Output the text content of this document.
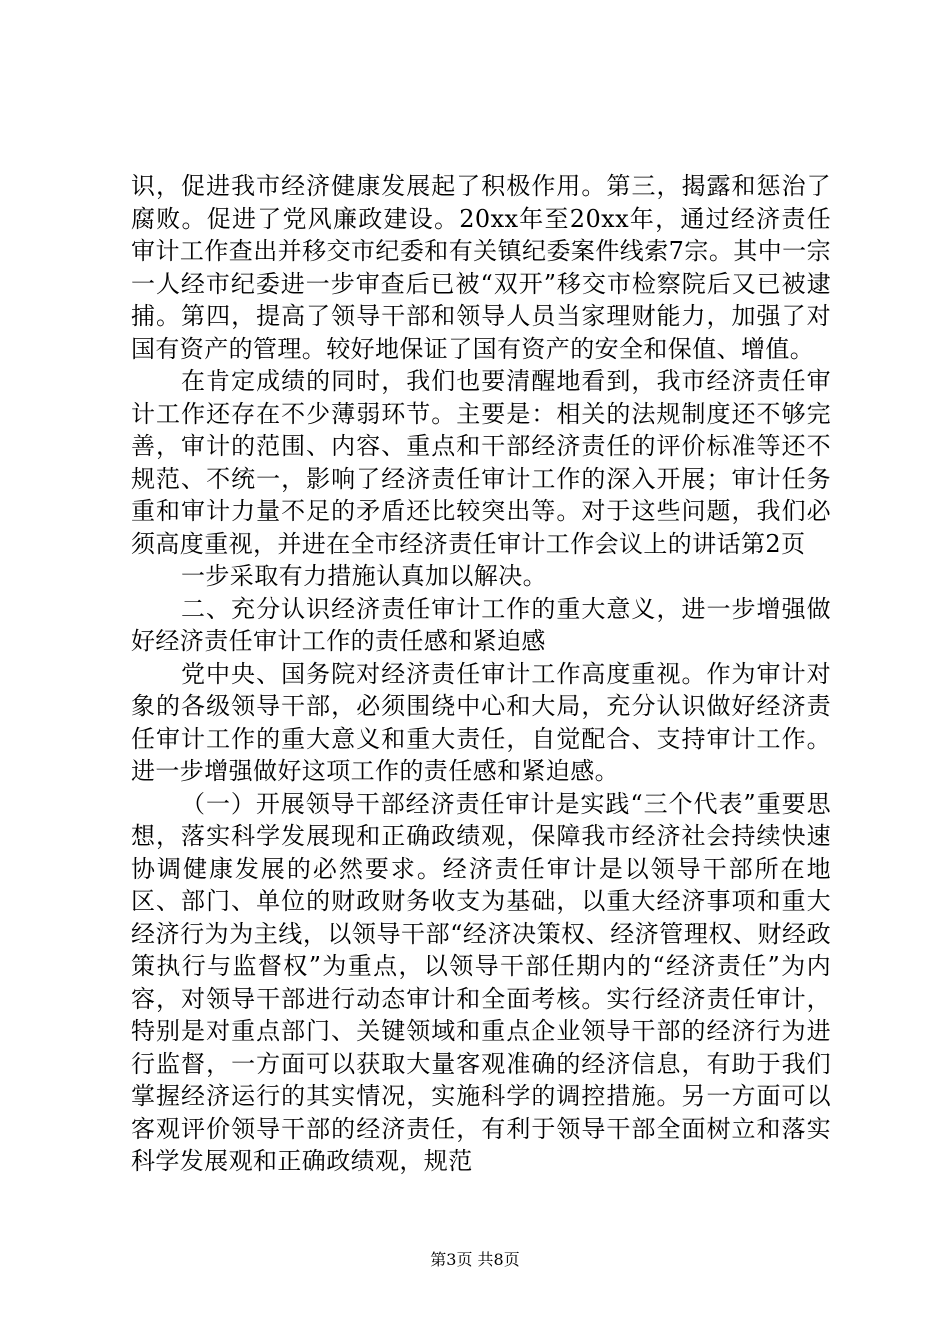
识，促进我市经济健康发展起了积极作用。第三，揭露和惩治了腐败。促进了党风廉政建设。20xx年至20xx年，通过经济责任审计工作查出并移交市纪委和有关镇纪委案件线索7宗。其中一宗一人经市纪委进一步审查后已被“双开”移交市检察院后又已被逮捕。第四，提高了领导干部和领导人员当家理财能力，加强了对国有资产的管理。较好地保证了国有资产的安全和保值、增值。

在肯定成绩的同时，我们也要清醒地看到，我市经济责任审计工作还存在不少薄弱环节。主要是：相关的法规制度还不够完善，审计的范围、内容、重点和干部经济责任的评价标准等还不规范、不统一，影响了经济责任审计工作的深入开展；审计任务重和审计力量不足的矛盾还比较突出等。对于这些问题，我们必须高度重视，并进在全市经济责任审计工作会议上的讲话第2页

一步采取有力措施认真加以解决。

二、充分认识经济责任审计工作的重大意义，进一步增强做好经济责任审计工作的责任感和紧迫感

党中央、国务院对经济责任审计工作高度重视。作为审计对象的各级领导干部，必须围绕中心和大局，充分认识做好经济责任审计工作的重大意义和重大责任，自觉配合、支持审计工作。进一步增强做好这项工作的责任感和紧迫感。

（一）开展领导干部经济责任审计是实践“三个代表”重要思想，落实科学发展现和正确政绩观，保障我市经济社会持续快速协调健康发展的必然要求。经济责任审计是以领导干部所在地区、部门、单位的财政财务收支为基础，以重大经济事项和重大经济行为为主线，以领导干部“经济决策权、经济管理权、财经政策执行与监督权”为重点，以领导干部任期内的“经济责任”为内容，对领导干部进行动态审计和全面考核。实行经济责任审计，特别是对重点部门、关键领域和重点企业领导干部的经济行为进行监督，一方面可以获取大量客观准确的经济信息，有助于我们掌握经济运行的其实情况，实施科学的调控措施。另一方面可以客观评价领导干部的经济责任，有利于领导干部全面树立和落实科学发展观和正确政绩观，规范

第3页 共8页
